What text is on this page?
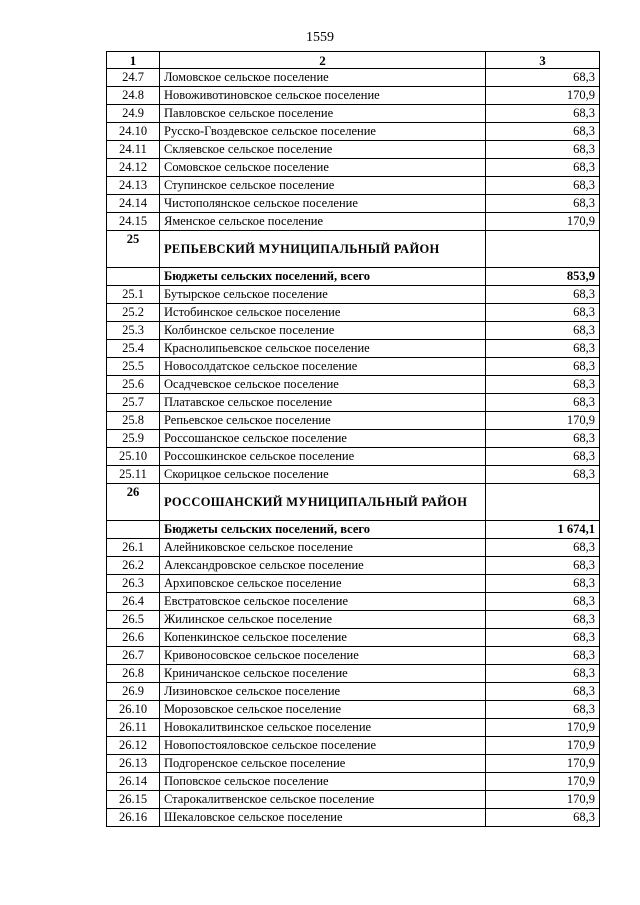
1559
1	2	3
24.7	Ломовское сельское поселение	68,3
24.8	Новоживотиновское сельское поселение	170,9
24.9	Павловское сельское поселение	68,3
24.10	Русско-Гвоздевское сельское поселение	68,3
24.11	Скляевское сельское поселение	68,3
24.12	Сомовское сельское поселение	68,3
24.13	Ступинское сельское поселение	68,3
24.14	Чистополянское сельское поселение	68,3
24.15	Яменское сельское поселение	170,9
25	РЕПЬЕВСКИЙ МУНИЦИПАЛЬНЫЙ РАЙОН	
	Бюджеты сельских поселений, всего	853,9
25.1	Бутырское сельское поселение	68,3
25.2	Истобинское сельское поселение	68,3
25.3	Колбинское сельское поселение	68,3
25.4	Краснолипьевское сельское поселение	68,3
25.5	Новосолдатское сельское поселение	68,3
25.6	Осадчевское сельское поселение	68,3
25.7	Платавское сельское поселение	68,3
25.8	Репьевское сельское поселение	170,9
25.9	Россошанское сельское поселение	68,3
25.10	Россошкинское сельское поселение	68,3
25.11	Скорицкое сельское поселение	68,3
26	РОССОШАНСКИЙ МУНИЦИПАЛЬНЫЙ РАЙОН	
	Бюджеты сельских поселений, всего	1 674,1
26.1	Алейниковское сельское поселение	68,3
26.2	Александровское сельское поселение	68,3
26.3	Архиповское сельское поселение	68,3
26.4	Евстратовское сельское поселение	68,3
26.5	Жилинское сельское поселение	68,3
26.6	Копенкинское сельское поселение	68,3
26.7	Кривоносовское сельское поселение	68,3
26.8	Криничанское сельское поселение	68,3
26.9	Лизиновское сельское поселение	68,3
26.10	Морозовское сельское поселение	68,3
26.11	Новокалитвинское сельское поселение	170,9
26.12	Новопостояловское сельское поселение	170,9
26.13	Подгоренское сельское поселение	170,9
26.14	Поповское сельское поселение	170,9
26.15	Старокалитвенское сельское поселение	170,9
26.16	Шекаловское сельское поселение	68,3
